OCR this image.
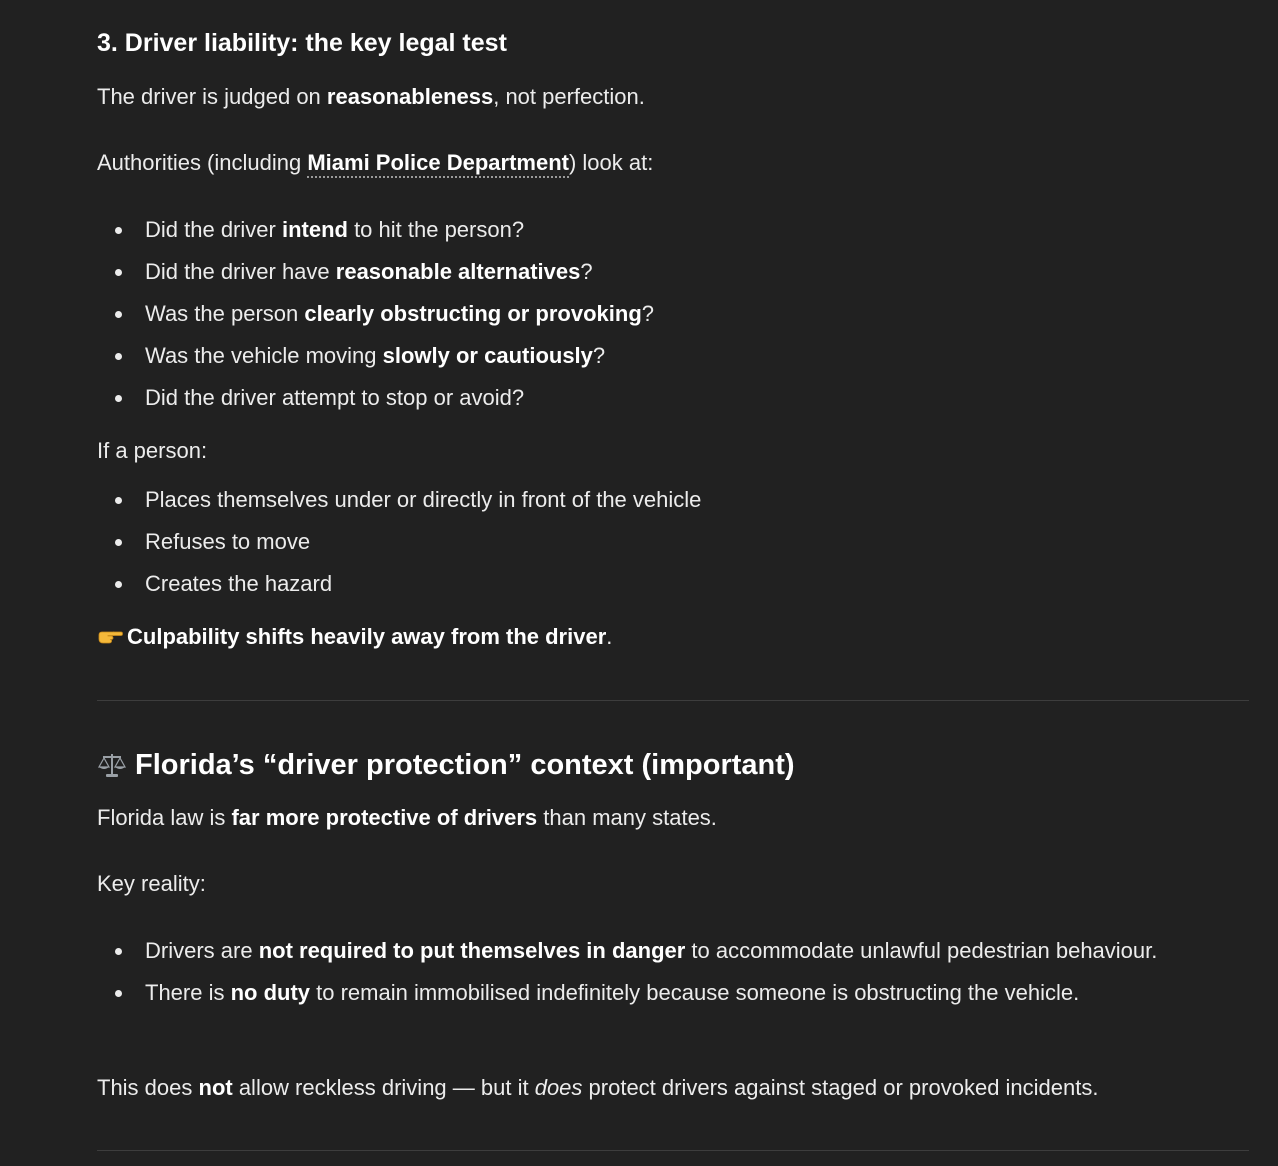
3. Driver liability: the key legal test

The driver is judged on reasonableness, not perfection.

Authorities (including Miami Police Department) look at:

Did the driver intend to hit the person?
Did the driver have reasonable alternatives?
Was the person clearly obstructing or provoking?
Was the vehicle moving slowly or cautiously?
Did the driver attempt to stop or avoid?

If a person:

Places themselves under or directly in front of the vehicle
Refuses to move
Creates the hazard

Culpability shifts heavily away from the driver.

Florida’s “driver protection” context (important)

Florida law is far more protective of drivers than many states.

Key reality:

Drivers are not required to put themselves in danger to accommodate unlawful pedestrian behaviour.
There is no duty to remain immobilised indefinitely because someone is obstructing the vehicle.

This does not allow reckless driving — but it does protect drivers against staged or provoked incidents.
